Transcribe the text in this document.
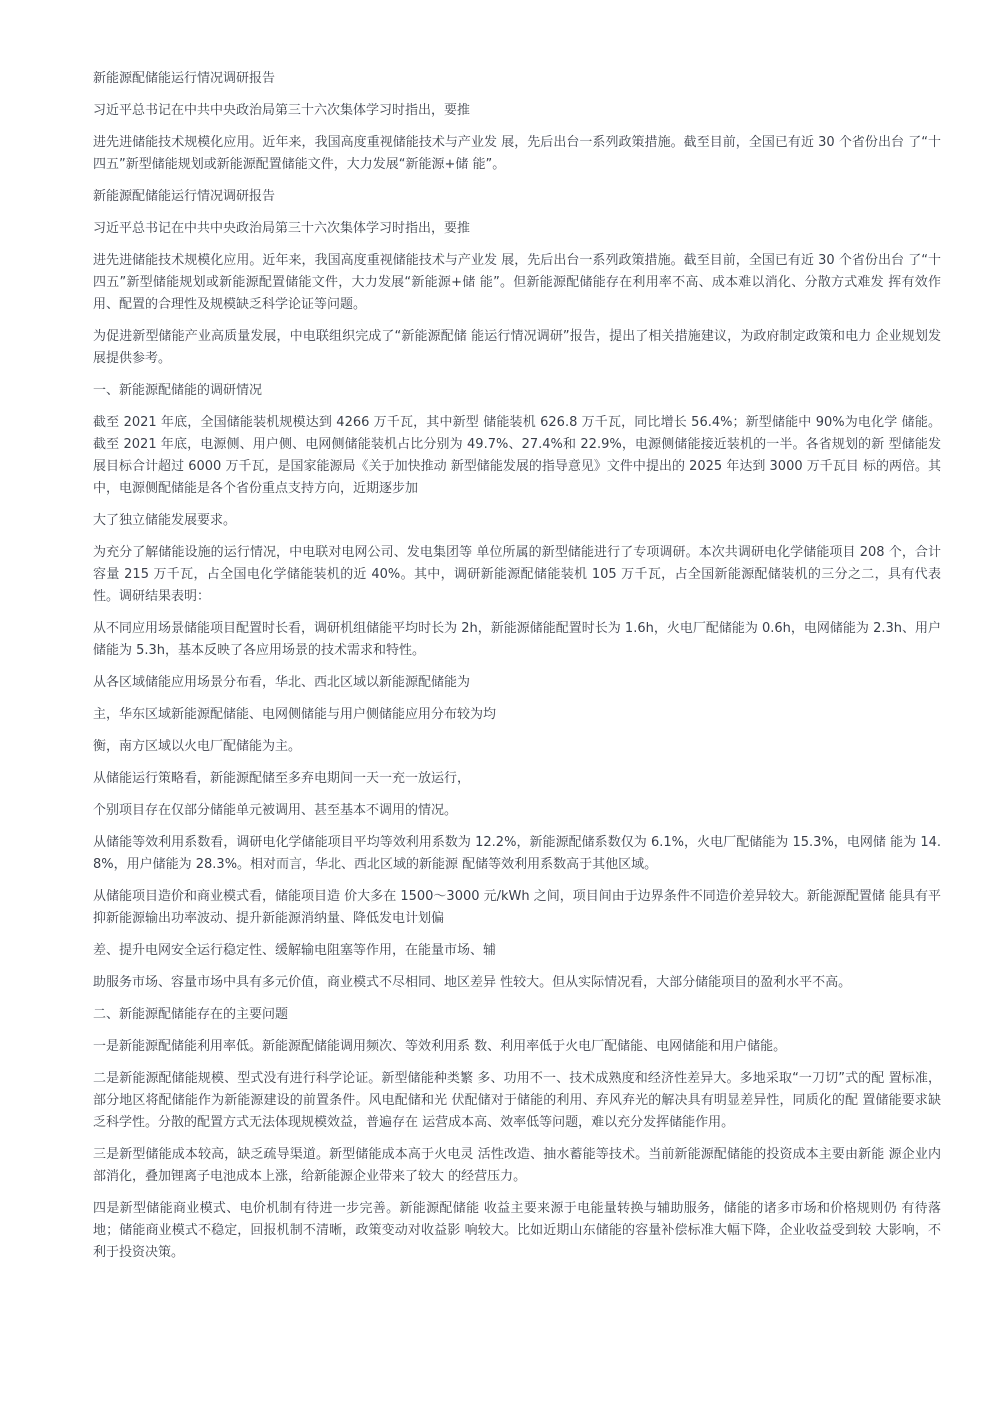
新能源配储能运行情况调研报告

习近平总书记在中共中央政治局第三十六次集体学习时指出，要推

进先进储能技术规模化应用。近年来，我国高度重视储能技术与产业发 展，先后出台一系列政策措施。截至目前，全国已有近 30 个省份出台 了“十四五”新型储能规划或新能源配置储能文件，大力发展“新能源+储 能”。

新能源配储能运行情况调研报告

习近平总书记在中共中央政治局第三十六次集体学习时指出，要推

进先进储能技术规模化应用。近年来，我国高度重视储能技术与产业发 展，先后出台一系列政策措施。截至目前，全国已有近 30 个省份出台 了“十四五”新型储能规划或新能源配置储能文件，大力发展“新能源+储 能”。但新能源配储能存在利用率不高、成本难以消化、分散方式难发 挥有效作用、配置的合理性及规模缺乏科学论证等问题。

为促进新型储能产业高质量发展，中电联组织完成了“新能源配储 能运行情况调研”报告，提出了相关措施建议，为政府制定政策和电力 企业规划发展提供参考。

一、新能源配储能的调研情况

截至 2021 年底，全国储能装机规模达到 4266 万千瓦，其中新型 储能装机 626.8 万千瓦，同比增长 56.4%；新型储能中 90%为电化学 储能。截至 2021 年底，电源侧、用户侧、电网侧储能装机占比分别为 49.7%、27.4%和 22.9%，电源侧储能接近装机的一半。各省规划的新 型储能发展目标合计超过 6000 万千瓦，是国家能源局《关于加快推动 新型储能发展的指导意见》文件中提出的 2025 年达到 3000 万千瓦目 标的两倍。其中，电源侧配储能是各个省份重点支持方向，近期逐步加

大了独立储能发展要求。

为充分了解储能设施的运行情况，中电联对电网公司、发电集团等 单位所属的新型储能进行了专项调研。本次共调研电化学储能项目 208 个，合计容量 215 万千瓦，占全国电化学储能装机的近 40%。其中，调研新能源配储能装机 105 万千瓦，占全国新能源配储装机的三分之二，具有代表性。调研结果表明：

从不同应用场景储能项目配置时长看，调研机组储能平均时长为 2h，新能源储能配置时长为 1.6h，火电厂配储能为 0.6h，电网储能为 2.3h、用户储能为 5.3h，基本反映了各应用场景的技术需求和特性。

从各区域储能应用场景分布看，华北、西北区域以新能源配储能为

主，华东区域新能源配储能、电网侧储能与用户侧储能应用分布较为均

衡，南方区域以火电厂配储能为主。

从储能运行策略看，新能源配储至多弃电期间一天一充一放运行，

个别项目存在仅部分储能单元被调用、甚至基本不调用的情况。

从储能等效利用系数看，调研电化学储能项目平均等效利用系数为 12.2%，新能源配储系数仅为 6.1%，火电厂配储能为 15.3%，电网储 能为 14.8%，用户储能为 28.3%。相对而言，华北、西北区域的新能源 配储等效利用系数高于其他区域。

从储能项目造价和商业模式看，储能项目造 价大多在 1500～3000 元/kWh 之间，项目间由于边界条件不同造价差异较大。新能源配置储 能具有平抑新能源输出功率波动、提升新能源消纳量、降低发电计划偏

差、提升电网安全运行稳定性、缓解输电阻塞等作用，在能量市场、辅

助服务市场、容量市场中具有多元价值，商业模式不尽相同、地区差异 性较大。但从实际情况看，大部分储能项目的盈利水平不高。

二、新能源配储能存在的主要问题

一是新能源配储能利用率低。新能源配储能调用频次、等效利用系 数、利用率低于火电厂配储能、电网储能和用户储能。

二是新能源配储能规模、型式没有进行科学论证。新型储能种类繁 多、功用不一、技术成熟度和经济性差异大。多地采取“一刀切”式的配 置标准，部分地区将配储能作为新能源建设的前置条件。风电配储和光 伏配储对于储能的利用、弃风弃光的解决具有明显差异性，同质化的配 置储能要求缺乏科学性。分散的配置方式无法体现规模效益，普遍存在 运营成本高、效率低等问题，难以充分发挥储能作用。

三是新型储能成本较高，缺乏疏导渠道。新型储能成本高于火电灵 活性改造、抽水蓄能等技术。当前新能源配储能的投资成本主要由新能 源企业内部消化，叠加锂离子电池成本上涨，给新能源企业带来了较大 的经营压力。

四是新型储能商业模式、电价机制有待进一步完善。新能源配储能 收益主要来源于电能量转换与辅助服务，储能的诸多市场和价格规则仍 有待落地；储能商业模式不稳定，回报机制不清晰，政策变动对收益影 响较大。比如近期山东储能的容量补偿标准大幅下降，企业收益受到较 大影响，不利于投资决策。
